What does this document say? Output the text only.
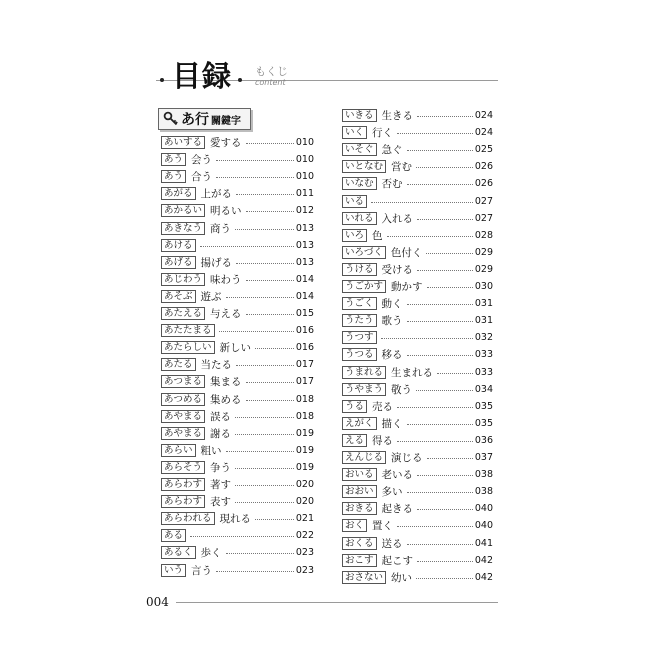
目録 もくじ
content
あ行 關鍵字
あいする 愛する	010
あう 会う	010
あう 合う	010
あがる 上がる	011
あかるい 明るい	012
あきなう 商う	013
あける	013
あげる 揚げる	013
あじわう 味わう	014
あそぶ 遊ぶ	014
あたえる 与える	015
あたたまる	016
あたらしい 新しい	016
あたる 当たる	017
あつまる 集まる	017
あつめる 集める	018
あやまる 誤る	018
あやまる 謝る	019
あらい 粗い	019
あらそう 争う	019
あらわす 著す	020
あらわす 表す	020
あらわれる 現れる	021
ある	022
あるく 歩く	023
いう 言う	023
いきる 生きる	024
いく 行く	024
いそぐ 急ぐ	025
いとなむ 営む	026
いなむ 否む	026
いる	027
いれる 入れる	027
いろ 色	028
いろづく 色付く	029
うける 受ける	029
うごかす 動かす	030
うごく 動く	031
うたう 歌う	031
うつす	032
うつる 移る	033
うまれる 生まれる	033
うやまう 敬う	034
うる 売る	035
えがく 描く	035
える 得る	036
えんじる 演じる	037
おいる 老いる	038
おおい 多い	038
おきる 起きる	040
おく 置く	040
おくる 送る	041
おこす 起こす	042
おさない 幼い	042
004
